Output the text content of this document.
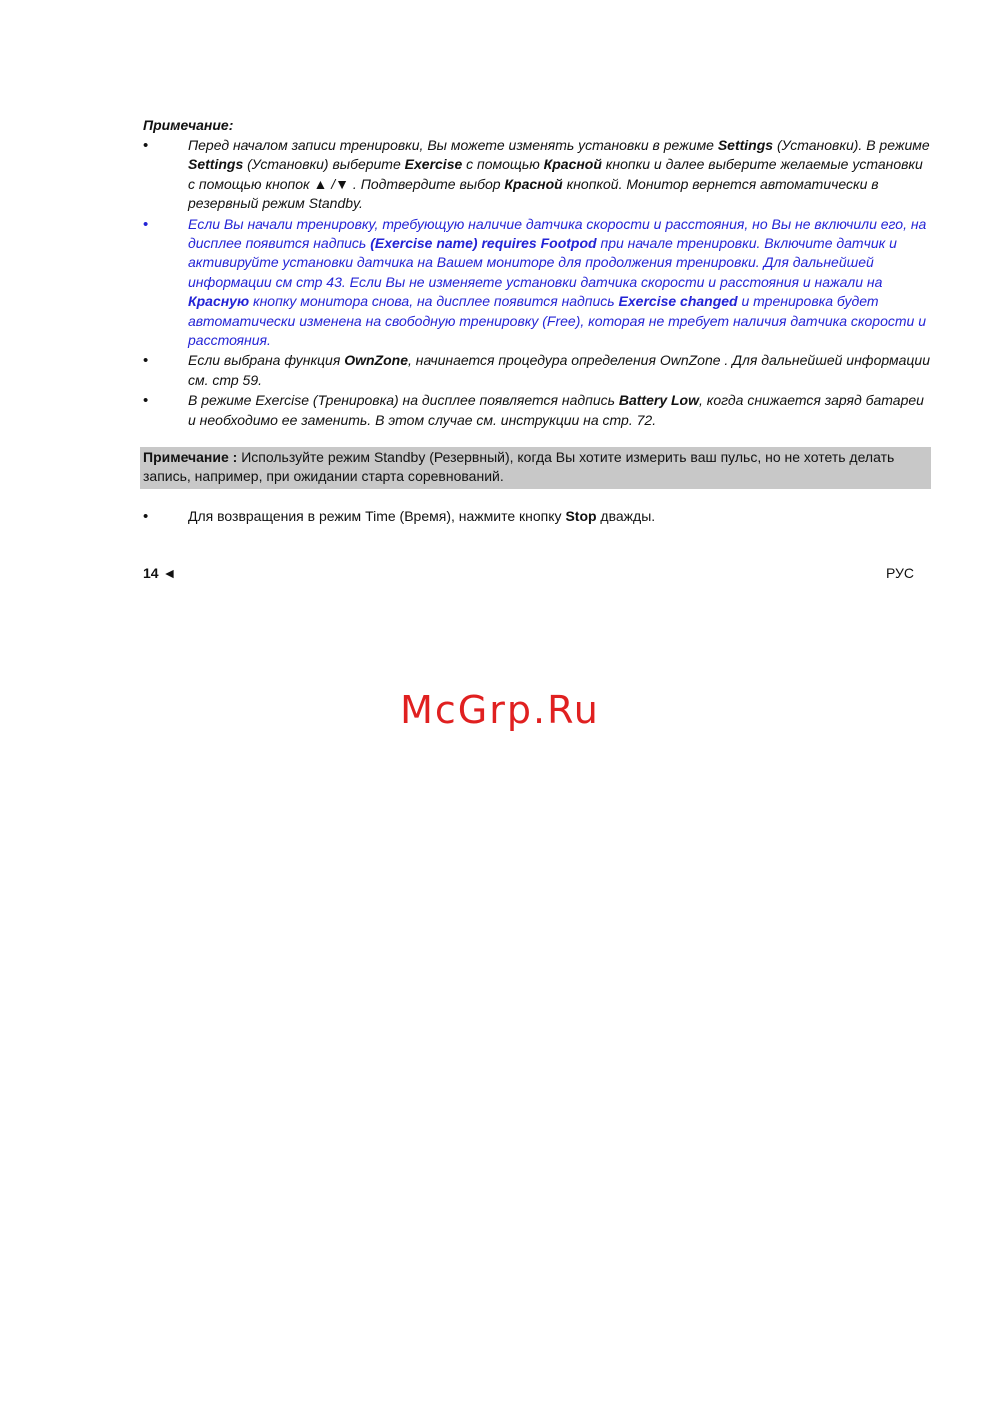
Примечание:
•	Перед началом записи тренировки, Вы можете изменять установки в режиме Settings (Установки). В режиме Settings (Установки) выберите Exercise с помощью Красной кнопки и далее выберите желаемые установки с помощью кнопок ▲ /▼ . Подтвердите выбор Красной кнопкой. Монитор вернется автоматически в резервный режим Standby.
•	Если Вы начали тренировку, требующую наличие датчика скорости и расстояния, но Вы не включили его, на дисплее появится надпись (Exercise name) requires Footpod при начале тренировки. Включите датчик и активируйте установки датчика на Вашем мониторе для продолжения тренировки. Для дальнейшей информации см стр 43. Если Вы не изменяете установки датчика скорости и расстояния и нажали на Красную кнопку монитора снова, на дисплее появится надпись Exercise changed и тренировка будет автоматически изменена на свободную тренировку (Free), которая не требует наличия датчика скорости и расстояния.
•	Если выбрана функция OwnZone, начинается процедура определения OwnZone . Для дальнейшей информации см. стр 59.
•	В режиме Exercise (Тренировка) на дисплее появляется надпись Battery Low, когда снижается заряд батареи и необходимо ее заменить. В этом случае см. инструкции на стр. 72.
Примечание : Используйте режим Standby (Резервный), когда Вы хотите измерить ваш пульс, но не хотеть делать запись, например, при ожидании старта соревнований.
•	Для возвращения в режим Time (Время), нажмите кнопку Stop дважды.
14 ◄	РУС
McGrp.Ru
